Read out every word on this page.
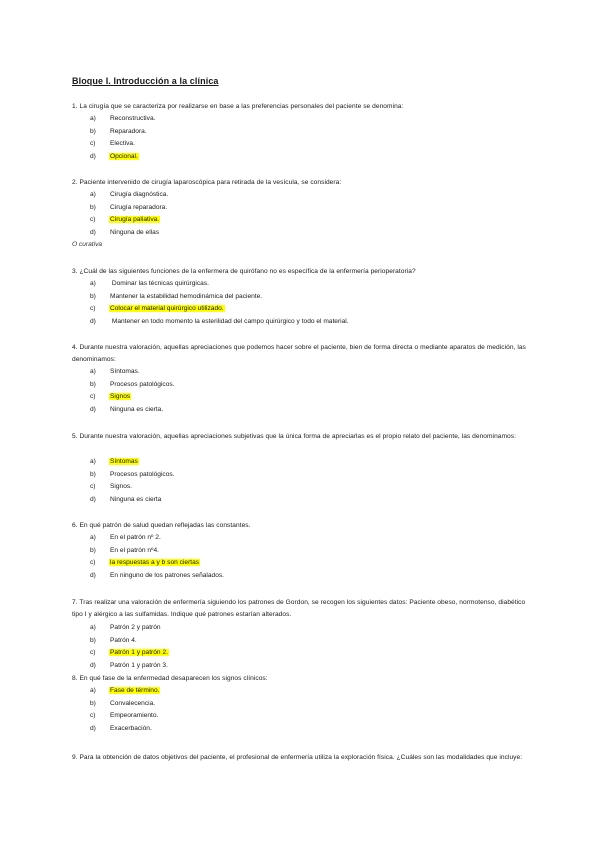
Bloque I. Introducción a la clínica
1. La cirugía que se caracteriza por realizarse en base a las preferencias personales del paciente se denomina:
a) Reconstructiva.
b) Reparadora.
c) Electiva.
d) Opcional.
2. Paciente intervenido de cirugía laparoscópica para retirada de la vesícula, se considera:
a) Cirugía diagnóstica.
b) Cirugía reparadora.
c) Cirugía paliativa.
d) Ninguna de ellas
O curativa
3. ¿Cuál de las siguientes funciones de la enfermera de quirófano no es específica de la enfermería perioperatoria?
a) Dominar las técnicas quirúrgicas.
b) Mantener la estabilidad hemodinámica del paciente.
c) Colocar el material quirúrgico utilizado.
d) Mantener en todo momento la esterilidad del campo quirúrgico y todo el material.
4. Durante nuestra valoración, aquellas apreciaciones que podemos hacer sobre el paciente, bien de forma directa o mediante aparatos de medición, las denominamos:
a) Síntomas.
b) Procesos patológicos.
c) Signos
d) Ninguna es cierta.
5. Durante nuestra valoración, aquellas apreciaciones subjetivas que la única forma de apreciarlas es el propio relato del paciente, las denominamos:
a) Síntomas
b) Procesos patológicos.
c) Signos.
d) Ninguna es cierta
6. En qué patrón de salud quedan reflejadas las constantes.
a) En el patrón nº 2.
b) En el patrón nº4.
c) la respuestas a y b son ciertas
d) En ninguno de los patrones señalados.
7. Tras realizar una valoración de enfermería siguiendo los patrones de Gordon, se recogen los siguientes datos: Paciente obeso, normotenso, diabético tipo I y alérgico a las sulfamidas. Indique qué patrones estarían alterados.
a) Patrón 2 y patrón
b) Patrón 4.
c) Patrón 1 y patrón 2.
d) Patrón 1 y patrón 3.
8. En qué fase de la enfermedad desaparecen los signos clínicos:
a) Fase de término.
b) Convalecencia.
c) Empeoramiento.
d) Exacerbación.
9. Para la obtención de datos objetivos del paciente, el profesional de enfermería utiliza la exploración física. ¿Cuáles son las modalidades que incluye:
